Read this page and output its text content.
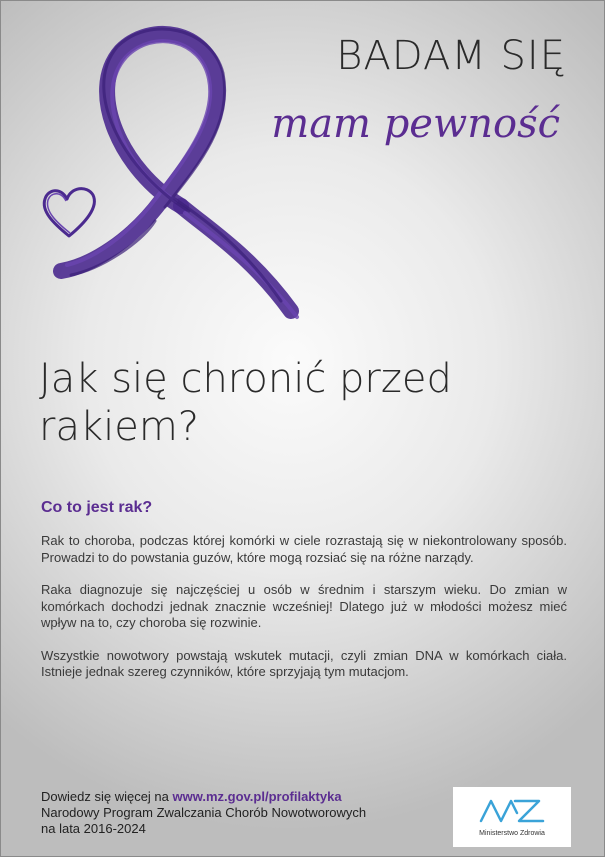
BADAM SIĘ
mam pewność
Jak się chronić przed rakiem?
Co to jest rak?

Rak to choroba, podczas której komórki w ciele rozrastają się w niekontrolowany sposób. Prowadzi to do powstania guzów, które mogą rozsiać się na różne narządy.

Raka diagnozuje się najczęściej u osób w średnim i starszym wieku. Do zmian w komórkach dochodzi jednak znacznie wcześniej! Dlatego już w młodości możesz mieć wpływ na to, czy choroba się rozwinie.

Wszystkie nowotwory powstają wskutek mutacji, czyli zmian DNA w komórkach ciała. Istnieje jednak szereg czynników, które sprzyjają tym mutacjom.

Dowiedz się więcej na www.mz.gov.pl/profilaktyka
Narodowy Program Zwalczania Chorób Nowotworowych
na lata 2016-2024	Ministerstwo Zdrowia
